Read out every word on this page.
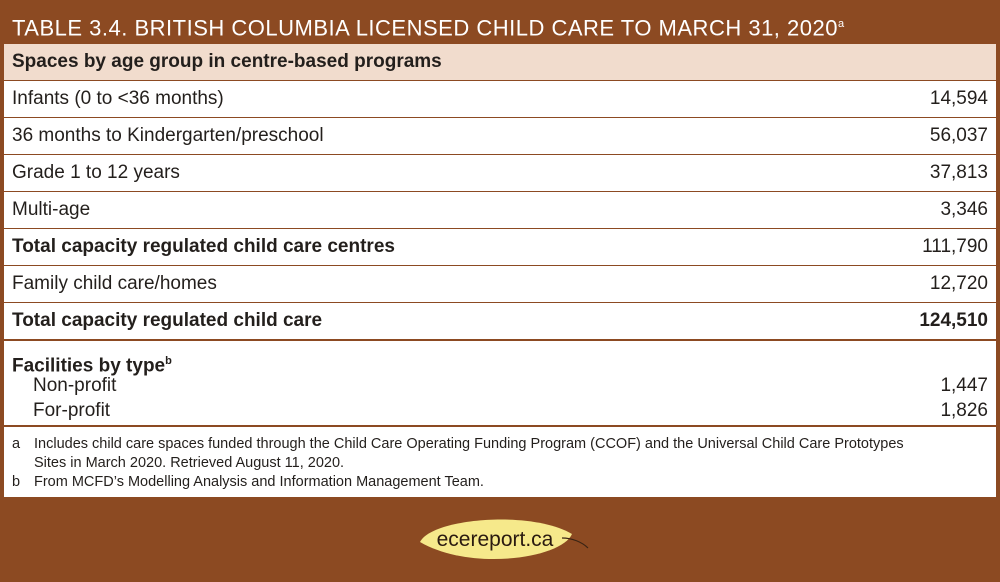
TABLE 3.4. BRITISH COLUMBIA LICENSED CHILD CARE TO MARCH 31, 2020$^a$
Spaces by age group in centre-based programs
Infants (0 to <36 months)	14,594
36 months to Kindergarten/preschool	56,037
Grade 1 to 12 years	37,813
Multi-age	3,346
Total capacity regulated child care centres	111,790
Family child care/homes	12,720
Total capacity regulated child care	124,510
Facilities by type$^b$
Non-profit	1,447
For-profit	1,826
a Includes child care spaces funded through the Child Care Operating Funding Program (CCOF) and the Universal Child Care Prototypes Sites in March 2020. Retrieved August 11, 2020.
b From MCFD’s Modelling Analysis and Information Management Team.
ecereport.ca
